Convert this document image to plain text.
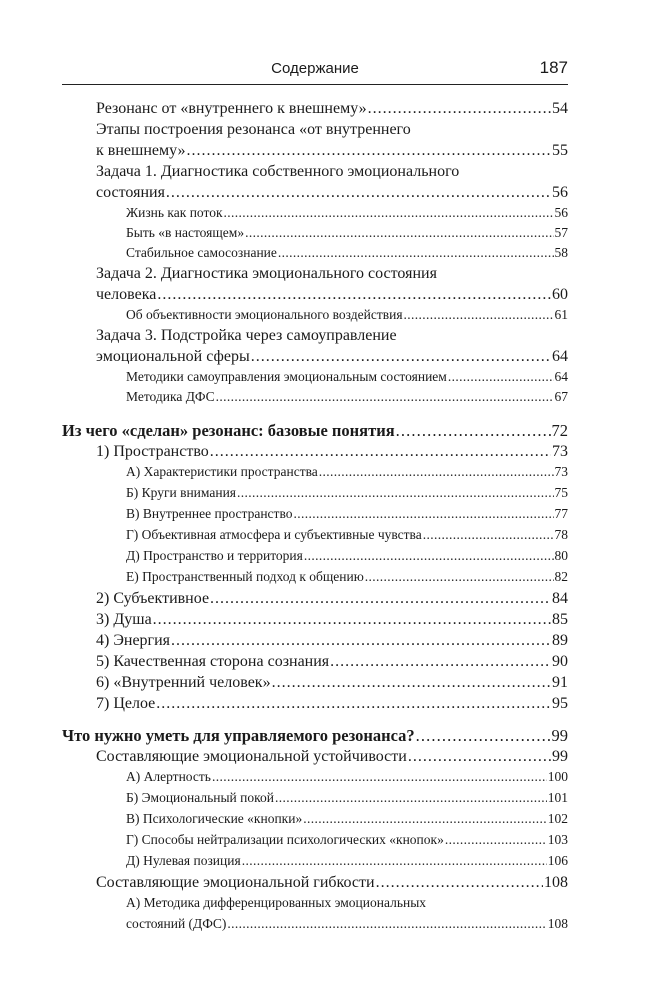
Содержание	187
Резонанс от «внутреннего к внешнему» . . .	54
Этапы построения резонанса «от внутреннего
к внешнему» . . .	55
Задача 1. Диагностика собственного эмоционального
состояния . . .	56
Жизнь как поток . . .	56
Быть «в настоящем» . . .	57
Стабильное самосознание . . .	58
Задача 2. Диагностика эмоционального состояния
человека . . .	60
Об объективности эмоционального воздействия . . .	61
Задача 3. Подстройка через самоуправление
эмоциональной сферы . . .	64
Методики самоуправления эмоциональным состоянием . . .	64
Методика ДФС . . .	67
Из чего «сделан» резонанс: базовые понятия . . .	72
1) Пространство . . .	73
А) Характеристики пространства . . .	73
Б) Круги внимания . . .	75
В) Внутреннее пространство . . .	77
Г) Объективная атмосфера и субъективные чувства . . .	78
Д) Пространство и территория . . .	80
Е) Пространственный подход к общению . . .	82
2) Субъективное . . .	84
3) Душа . . .	85
4) Энергия . . .	89
5) Качественная сторона сознания . . .	90
6) «Внутренний человек» . . .	91
7) Целое . . .	95
Что нужно уметь для управляемого резонанса? . . .	99
Составляющие эмоциональной устойчивости . . .	99
А) Алертность . . .	100
Б) Эмоциональный покой . . .	101
В) Психологические «кнопки» . . .	102
Г) Способы нейтрализации психологических «кнопок» . . .	103
Д) Нулевая позиция . . .	106
Составляющие эмоциональной гибкости . . .	108
А) Методика дифференцированных эмоциональных
состояний (ДФС) . . .	108
